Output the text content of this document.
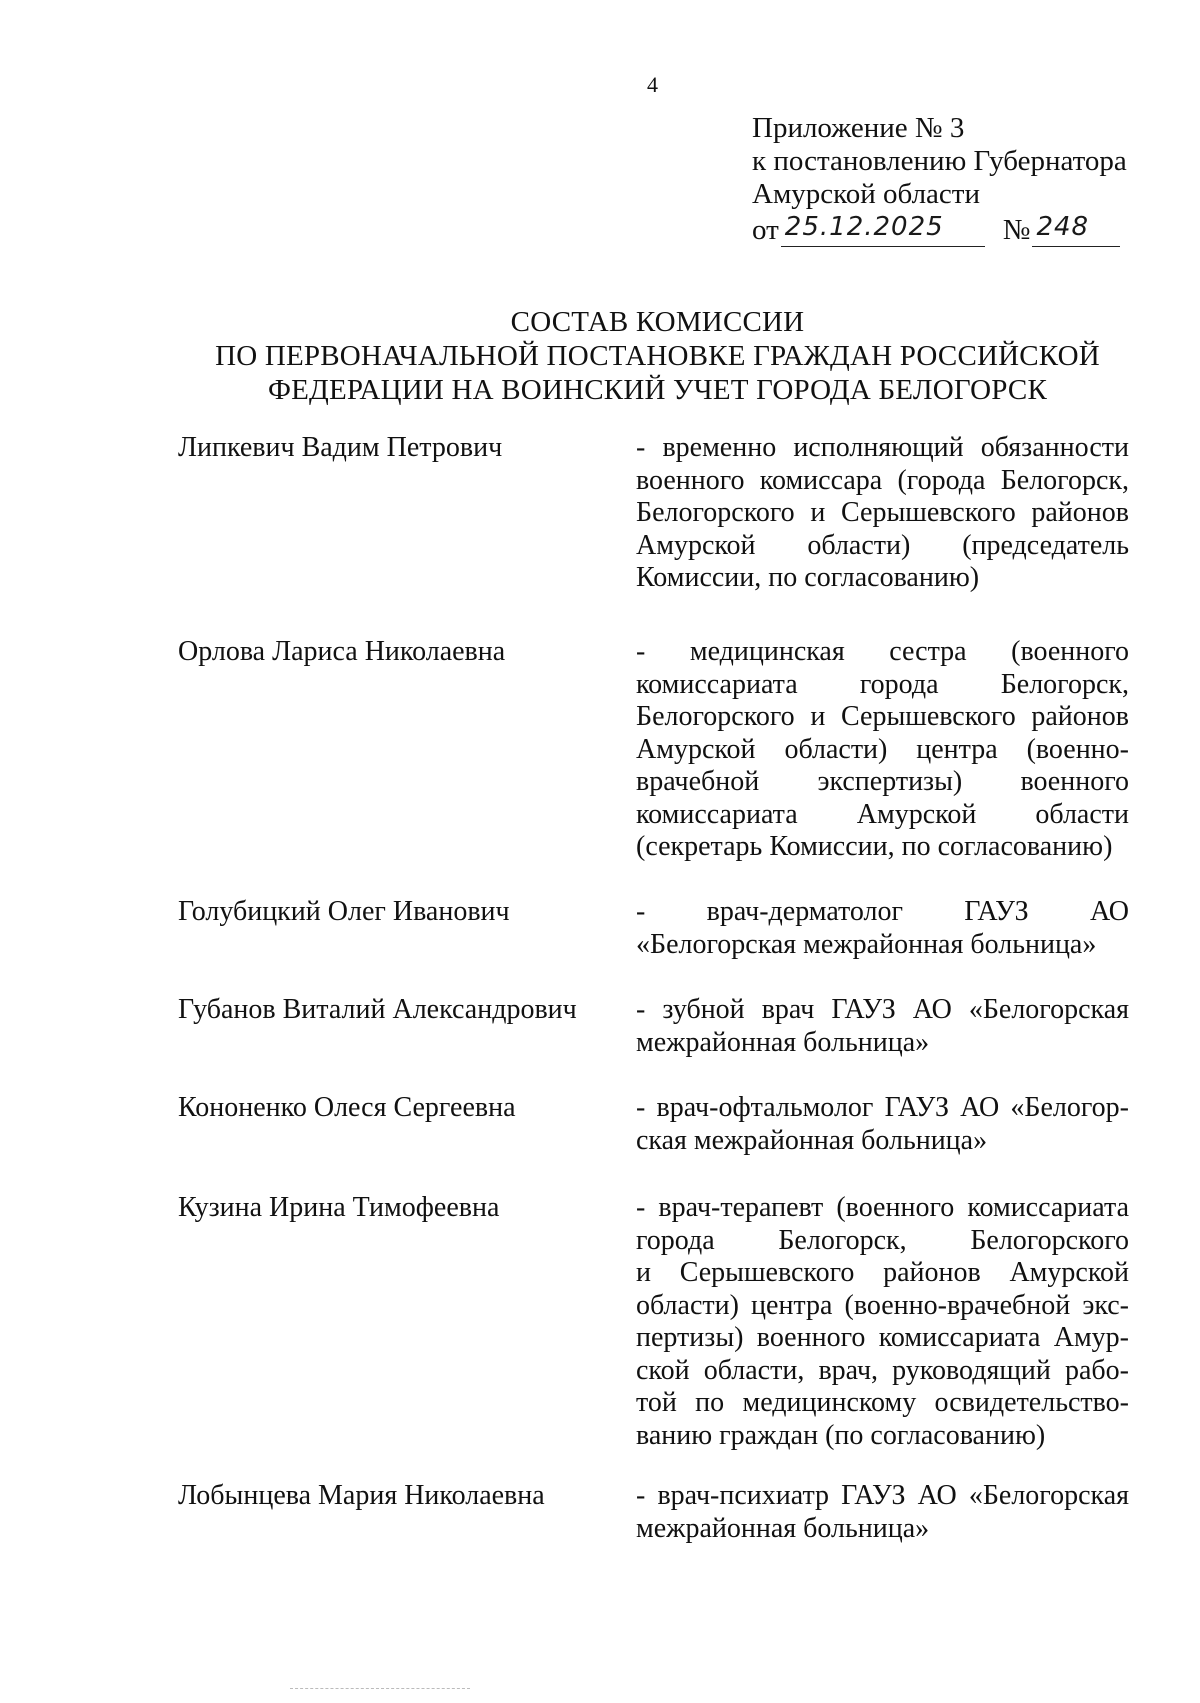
4
Приложение № 3
к постановлению Губернатора
Амурской области
от 25.12.2025	№ 248
СОСТАВ КОМИССИИ
ПО ПЕРВОНАЧАЛЬНОЙ ПОСТАНОВКЕ ГРАЖДАН РОССИЙСКОЙ
ФЕДЕРАЦИИ НА ВОИНСКИЙ УЧЕТ ГОРОДА БЕЛОГОРСК
Липкевич Вадим Петрович	- временно исполняющий обязанности
военного комиссара (города Белогорск,
Белогорского и Серышевского районов
Амурской области) (председатель
Комиссии, по согласованию)
Орлова Лариса Николаевна	- медицинская сестра (военного
комиссариата города Белогорск,
Белогорского и Серышевского районов
Амурской области) центра (военно-
врачебной экспертизы) военного
комиссариата Амурской области
(секретарь Комиссии, по согласованию)
Голубицкий Олег Иванович	- врач-дерматолог ГАУЗ АО
«Белогорская межрайонная больница»
Губанов Виталий Александрович	- зубной врач ГАУЗ АО «Белогорская
межрайонная больница»
Кононенко Олеся Сергеевна	- врач-офтальмолог ГАУЗ АО «Белогор-
ская межрайонная больница»
Кузина Ирина Тимофеевна	- врач-терапевт (военного комиссариата
города Белогорск, Белогорского
и Серышевского районов Амурской
области) центра (военно-врачебной экс-
пертизы) военного комиссариата Амур-
ской области, врач, руководящий рабо-
той по медицинскому освидетельство-
ванию граждан (по согласованию)
Лобынцева Мария Николаевна	- врач-психиатр ГАУЗ АО «Белогорская
межрайонная больница»
